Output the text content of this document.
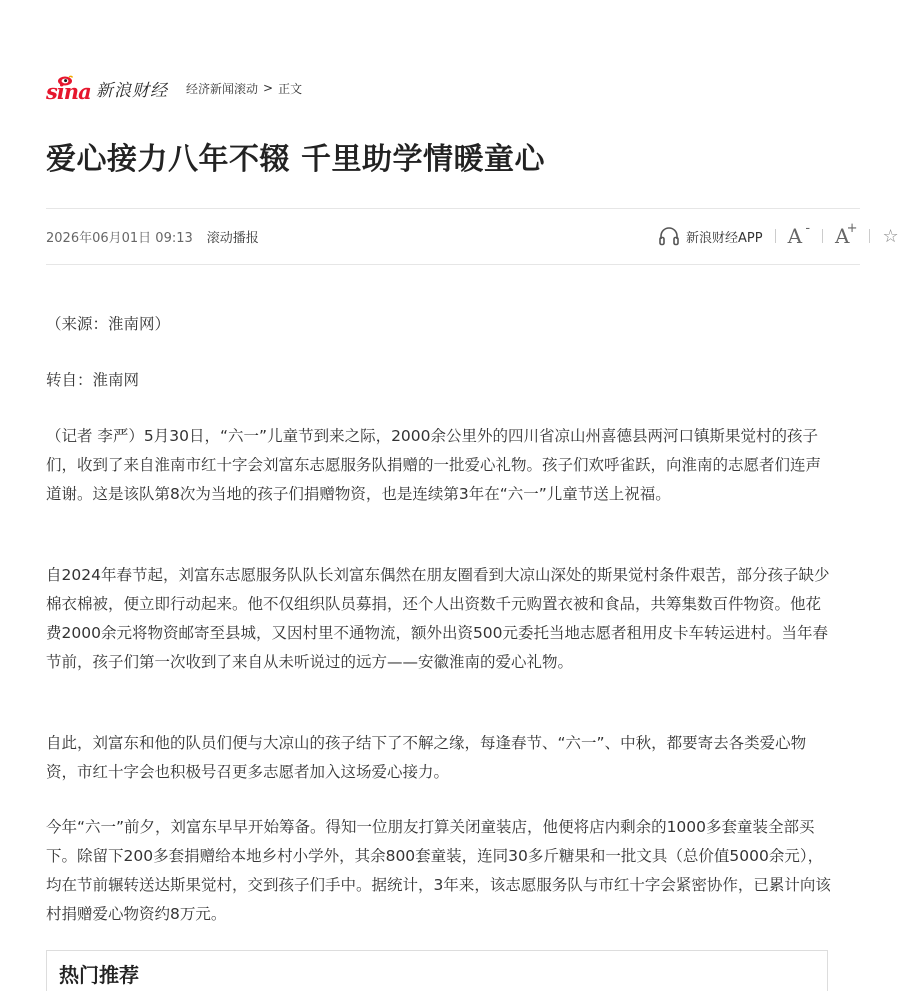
sina 新浪财经 经济新闻滚动 > 正文
爱心接力八年不辍 千里助学情暖童心
2026年06月01日 09:13 滚动播报	新浪财经APP A - A
+ ☆

（来源：淮南网）

转自：淮南网

（记者 李严）5月30日，“六一”儿童节到来之际，2000余公里外的四川省凉山州喜德县两河口镇斯果觉村的孩子们，收到了来自淮南市红十字会刘富东志愿服务队捐赠的一批爱心礼物。孩子们欢呼雀跃，向淮南的志愿者们连声道谢。这是该队第8次为当地的孩子们捐赠物资，也是连续第3年在“六一”儿童节送上祝福。

自2024年春节起，刘富东志愿服务队队长刘富东偶然在朋友圈看到大凉山深处的斯果觉村条件艰苦，部分孩子缺少棉衣棉被，便立即行动起来。他不仅组织队员募捐，还个人出资数千元购置衣被和食品，共筹集数百件物资。他花费2000余元将物资邮寄至县城，又因村里不通物流，额外出资500元委托当地志愿者租用皮卡车转运进村。当年春节前，孩子们第一次收到了来自从未听说过的远方——安徽淮南的爱心礼物。

自此，刘富东和他的队员们便与大凉山的孩子结下了不解之缘，每逢春节、“六一”、中秋，都要寄去各类爱心物资，市红十字会也积极号召更多志愿者加入这场爱心接力。

今年“六一”前夕，刘富东早早开始筹备。得知一位朋友打算关闭童装店，他便将店内剩余的1000多套童装全部买下。除留下200多套捐赠给本地乡村小学外，其余800套童装，连同30多斤糖果和一批文具（总价值5000余元），均在节前辗转送达斯果觉村，交到孩子们手中。据统计，3年来，该志愿服务队与市红十字会紧密协作，已累计向该村捐赠爱心物资约8万元。

热门推荐
